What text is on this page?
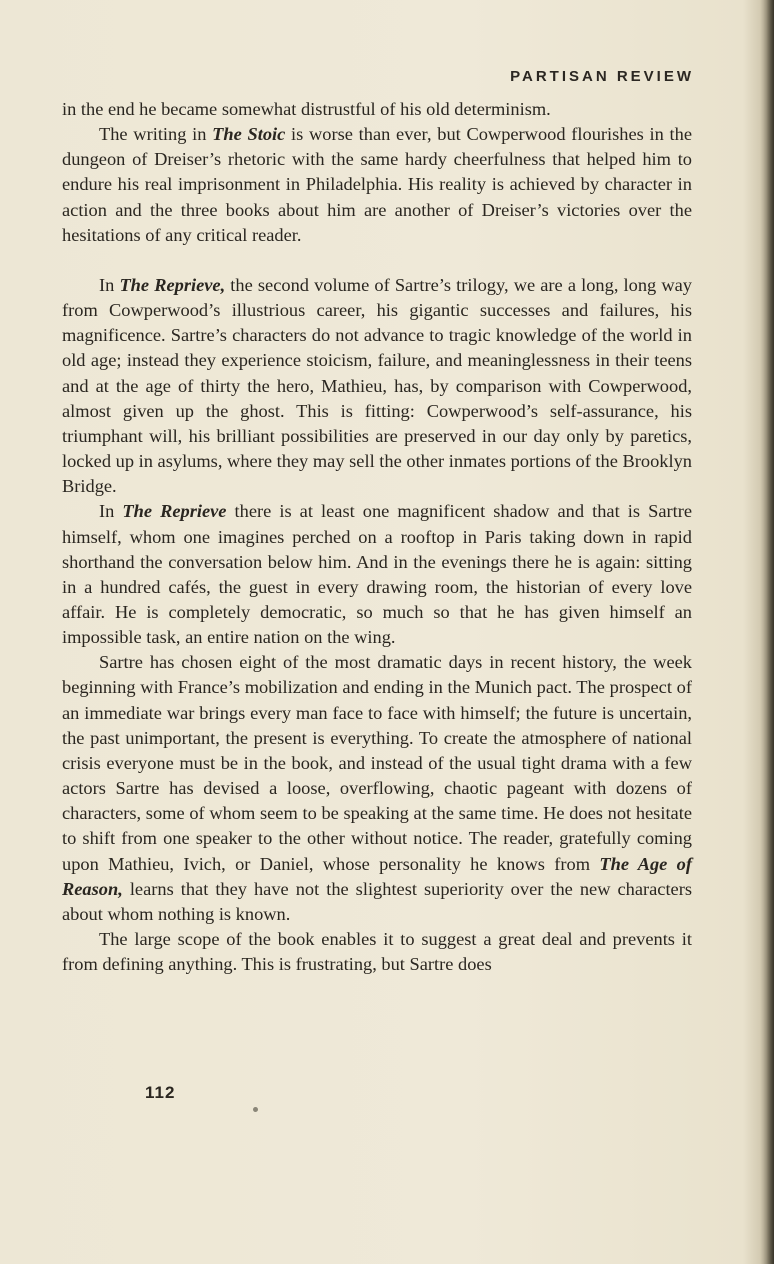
PARTISAN REVIEW

in the end he became somewhat distrustful of his old determinism.

The writing in The Stoic is worse than ever, but Cowperwood flourishes in the dungeon of Dreiser’s rhetoric with the same hardy cheerfulness that helped him to endure his real imprisonment in Philadelphia. His reality is achieved by character in action and the three books about him are another of Dreiser’s victories over the hesitations of any critical reader.

In The Reprieve, the second volume of Sartre’s trilogy, we are a long, long way from Cowperwood’s illustrious career, his gigantic successes and failures, his magnificence. Sartre’s characters do not advance to tragic knowledge of the world in old age; instead they experience stoicism, failure, and meaninglessness in their teens and at the age of thirty the hero, Mathieu, has, by comparison with Cowperwood, almost given up the ghost. This is fitting: Cowperwood’s self-assurance, his triumphant will, his brilliant possibilities are preserved in our day only by paretics, locked up in asylums, where they may sell the other inmates portions of the Brooklyn Bridge.

In The Reprieve there is at least one magnificent shadow and that is Sartre himself, whom one imagines perched on a rooftop in Paris taking down in rapid shorthand the conversation below him. And in the evenings there he is again: sitting in a hundred cafés, the guest in every drawing room, the historian of every love affair. He is completely democratic, so much so that he has given himself an impossible task, an entire nation on the wing.

Sartre has chosen eight of the most dramatic days in recent history, the week beginning with France’s mobilization and ending in the Munich pact. The prospect of an immediate war brings every man face to face with himself; the future is uncertain, the past unimportant, the present is everything. To create the atmosphere of national crisis everyone must be in the book, and instead of the usual tight drama with a few actors Sartre has devised a loose, overflowing, chaotic pageant with dozens of characters, some of whom seem to be speaking at the same time. He does not hesitate to shift from one speaker to the other without notice. The reader, gratefully coming upon Mathieu, Ivich, or Daniel, whose personality he knows from The Age of Reason, learns that they have not the slightest superiority over the new characters about whom nothing is known.

The large scope of the book enables it to suggest a great deal and prevents it from defining anything. This is frustrating, but Sartre does

112
